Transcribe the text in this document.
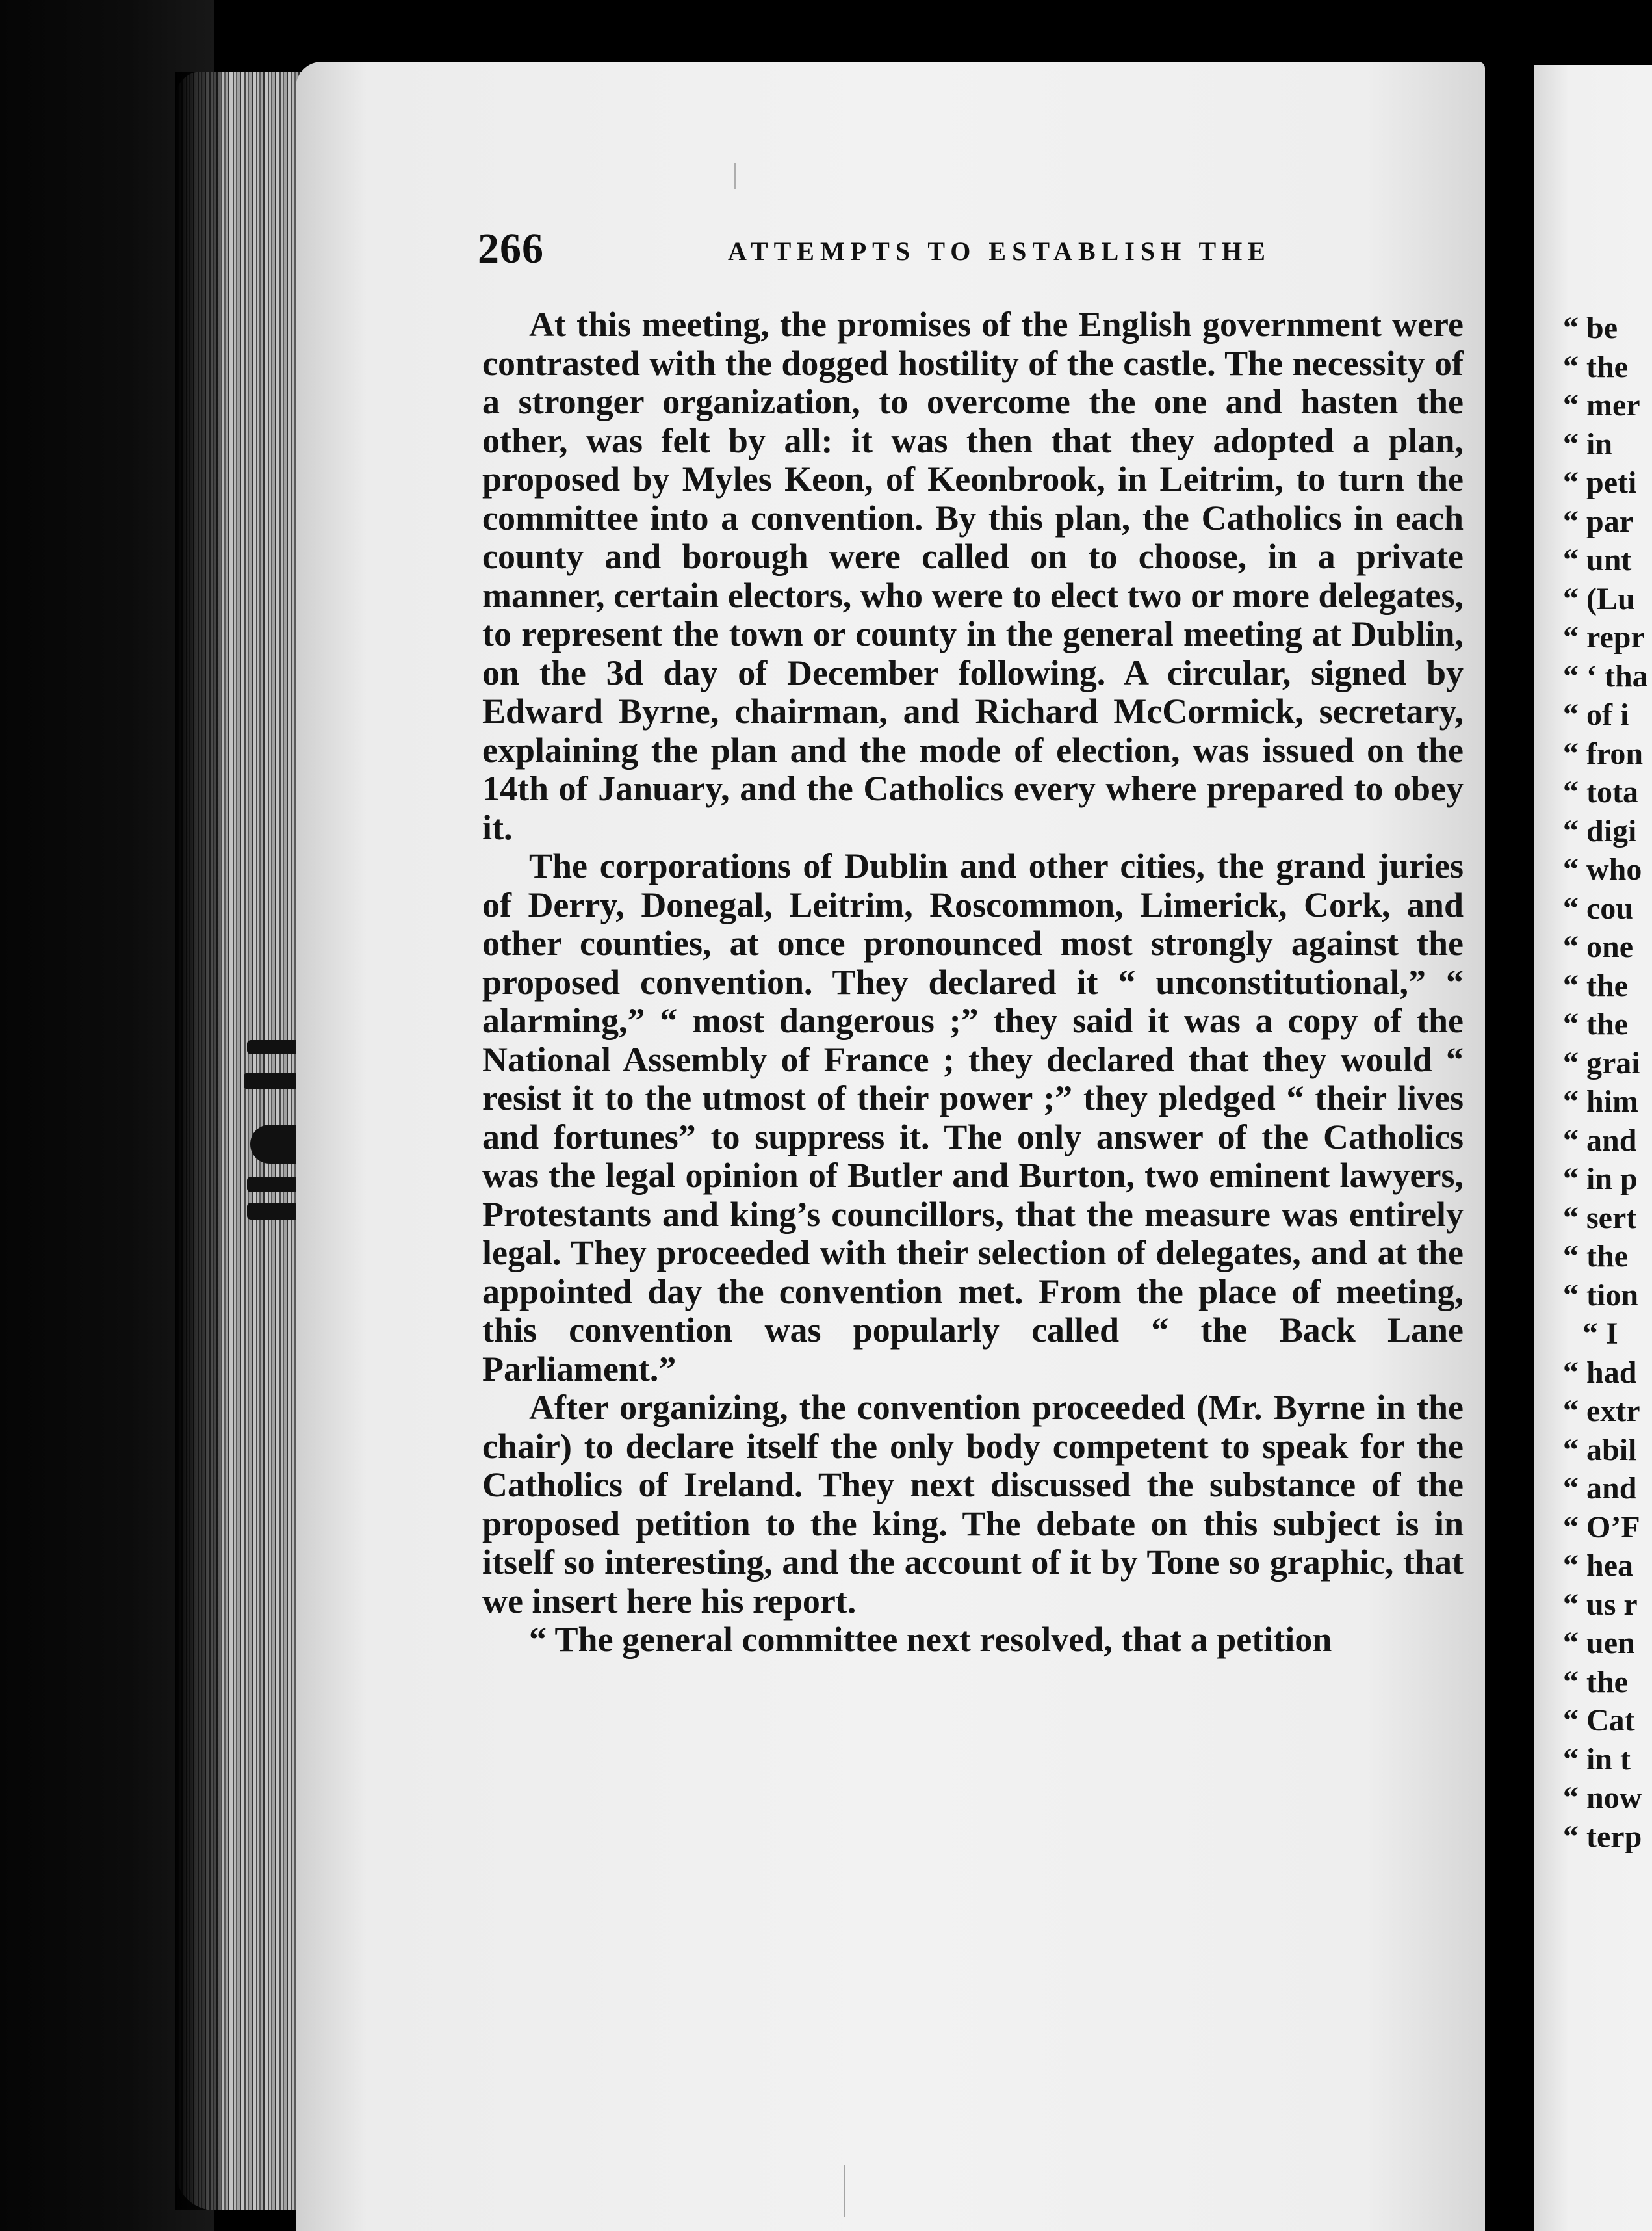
266	ATTEMPTS TO ESTABLISH THE

At this meeting, the promises of the English government were contrasted with the dogged hostility of the castle. The necessity of a stronger organization, to overcome the one and hasten the other, was felt by all: it was then that they adopted a plan, proposed by Myles Keon, of Keonbrook, in Leitrim, to turn the committee into a convention. By this plan, the Catholics in each county and borough were called on to choose, in a private manner, certain electors, who were to elect two or more delegates, to represent the town or county in the general meeting at Dublin, on the 3d day of December following. A circular, signed by Edward Byrne, chairman, and Richard McCormick, secretary, explaining the plan and the mode of election, was issued on the 14th of January, and the Catholics every where prepared to obey it.

The corporations of Dublin and other cities, the grand juries of Derry, Donegal, Leitrim, Roscommon, Limerick, Cork, and other counties, at once pronounced most strongly against the proposed convention. They declared it “ unconstitutional,” “ alarming,” “ most dangerous ;” they said it was a copy of the National Assembly of France ; they declared that they would “ resist it to the utmost of their power ;” they pledged “ their lives and fortunes” to suppress it. The only answer of the Catholics was the legal opinion of Butler and Burton, two eminent lawyers, Protestants and king’s councillors, that the measure was entirely legal. They proceeded with their selection of delegates, and at the appointed day the convention met. From the place of meeting, this convention was popularly called “ the Back Lane Parliament.”

After organizing, the convention proceeded (Mr. Byrne in the chair) to declare itself the only body competent to speak for the Catholics of Ireland. They next discussed the substance of the proposed petition to the king. The debate on this subject is in itself so interesting, and the account of it by Tone so graphic, that we insert here his report.

“ The general committee next resolved, that a petition

“ be
“ the
“ mer
“ in
“ peti
“ par
“ unt
“ (Lu
“ repr
“ ‘ tha
“ of i
“ fron
“ tota
“ digi
“ who
“ cou
“ one
“ the
“ the
“ grai
“ him
“ and
“ in p
“ sert
“ the
“ tion
“ I
“ had
“ extr
“ abil
“ and
“ O’F
“ hea
“ us r
“ uen
“ the
“ Cat
“ in t
“ now
“ terp
